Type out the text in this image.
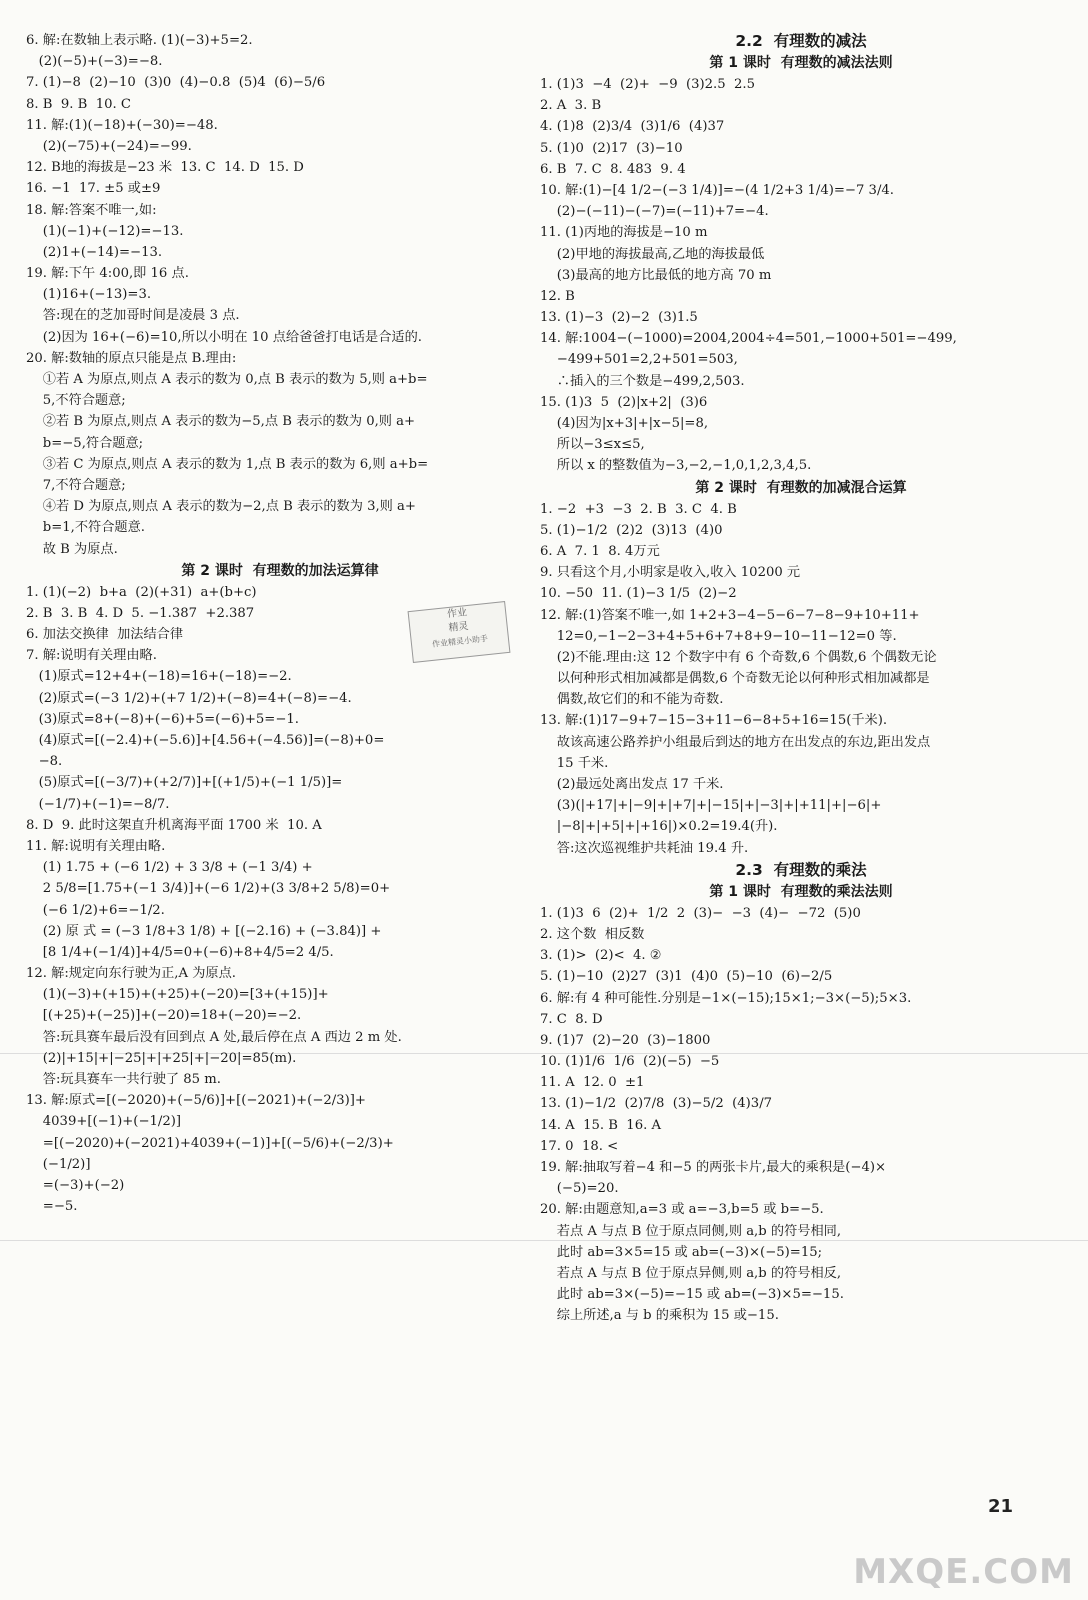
6. 解:在数轴上表示略. (1)(−3)+5=2.
(2)(−5)+(−3)=−8.
7. (1)−8  (2)−10  (3)0  (4)−0.8  (5)4  (6)−5/6
8. B  9. B  10. C
11. 解:(1)(−18)+(−30)=−48.
(2)(−75)+(−24)=−99.
12. B地的海拔是−23 米  13. C  14. D  15. D
16. −1  17. ±5 或±9
18. 解:答案不唯一,如:
(1)(−1)+(−12)=−13.
(2)1+(−14)=−13.
19. 解:下午 4:00,即 16 点.
(1)16+(−13)=3.
答:现在的芝加哥时间是凌晨 3 点.
(2)因为 16+(−6)=10,所以小明在 10 点给爸爸打电话是合适的.
20. 解:数轴的原点只能是点 B.理由:
①若 A 为原点,则点 A 表示的数为 0,点 B 表示的数为 5,则 a+b=
5,不符合题意;
②若 B 为原点,则点 A 表示的数为−5,点 B 表示的数为 0,则 a+
b=−5,符合题意;
③若 C 为原点,则点 A 表示的数为 1,点 B 表示的数为 6,则 a+b=
7,不符合题意;
④若 D 为原点,则点 A 表示的数为−2,点 B 表示的数为 3,则 a+
b=1,不符合题意.
故 B 为原点.
第 2 课时  有理数的加法运算律
1. (1)(−2)  b+a  (2)(+31)  a+(b+c)
2. B  3. B  4. D  5. −1.387  +2.387
6. 加法交换律  加法结合律
7. 解:说明有关理由略.
(1)原式=12+4+(−18)=16+(−18)=−2.
(2)原式=(−3 1/2)+(+7 1/2)+(−8)=4+(−8)=−4.
(3)原式=8+(−8)+(−6)+5=(−6)+5=−1.
(4)原式=[(−2.4)+(−5.6)]+[4.56+(−4.56)]=(−8)+0=
−8.
(5)原式=[(−3/7)+(+2/7)]+[(+1/5)+(−1 1/5)]=
(−1/7)+(−1)=−8/7.
8. D  9. 此时这架直升机离海平面 1700 米  10. A
11. 解:说明有关理由略.
(1) 1.75 + (−6 1/2) + 3 3/8 + (−1 3/4) +
2 5/8=[1.75+(−1 3/4)]+(−6 1/2)+(3 3/8+2 5/8)=0+
(−6 1/2)+6=−1/2.
(2) 原 式 = (−3 1/8+3 1/8) + [(−2.16) + (−3.84)] +
[8 1/4+(−1/4)]+4/5=0+(−6)+8+4/5=2 4/5.
12. 解:规定向东行驶为正,A 为原点.
(1)(−3)+(+15)+(+25)+(−20)=[3+(+15)]+
[(+25)+(−25)]+(−20)=18+(−20)=−2.
答:玩具赛车最后没有回到点 A 处,最后停在点 A 西边 2 m 处.
(2)|+15|+|−25|+|+25|+|−20|=85(m).
答:玩具赛车一共行驶了 85 m.
13. 解:原式=[(−2020)+(−5/6)]+[(−2021)+(−2/3)]+
4039+[(−1)+(−1/2)]
=[(−2020)+(−2021)+4039+(−1)]+[(−5/6)+(−2/3)+
(−1/2)]
=(−3)+(−2)
=−5.
2.2  有理数的减法
第 1 课时  有理数的减法法则
1. (1)3  −4  (2)+  −9  (3)2.5  2.5
2. A  3. B
4. (1)8  (2)3/4  (3)1/6  (4)37
5. (1)0  (2)17  (3)−10
6. B  7. C  8. 483  9. 4
10. 解:(1)−[4 1/2−(−3 1/4)]=−(4 1/2+3 1/4)=−7 3/4.
(2)−(−11)−(−7)=(−11)+7=−4.
11. (1)丙地的海拔是−10 m
(2)甲地的海拔最高,乙地的海拔最低
(3)最高的地方比最低的地方高 70 m
12. B
13. (1)−3  (2)−2  (3)1.5
14. 解:1004−(−1000)=2004,2004÷4=501,−1000+501=−499,
−499+501=2,2+501=503,
∴插入的三个数是−499,2,503.
15. (1)3  5  (2)|x+2|  (3)6
(4)因为|x+3|+|x−5|=8,
所以−3≤x≤5,
所以 x 的整数值为−3,−2,−1,0,1,2,3,4,5.
第 2 课时  有理数的加减混合运算
1. −2  +3  −3  2. B  3. C  4. B
5. (1)−1/2  (2)2  (3)13  (4)0
6. A  7. 1  8. 4万元
9. 只看这个月,小明家是收入,收入 10200 元
10. −50  11. (1)−3 1/5  (2)−2
12. 解:(1)答案不唯一,如 1+2+3−4−5−6−7−8−9+10+11+
12=0,−1−2−3+4+5+6+7+8+9−10−11−12=0 等.
(2)不能.理由:这 12 个数字中有 6 个奇数,6 个偶数,6 个偶数无论
以何种形式相加减都是偶数,6 个奇数无论以何种形式相加减都是
偶数,故它们的和不能为奇数.
13. 解:(1)17−9+7−15−3+11−6−8+5+16=15(千米).
故该高速公路养护小组最后到达的地方在出发点的东边,距出发点
15 千米.
(2)最远处离出发点 17 千米.
(3)(|+17|+|−9|+|+7|+|−15|+|−3|+|+11|+|−6|+
|−8|+|+5|+|+16|)×0.2=19.4(升).
答:这次巡视维护共耗油 19.4 升.
2.3  有理数的乘法
第 1 课时  有理数的乘法法则
1. (1)3  6  (2)+  1/2  2  (3)−  −3  (4)−  −72  (5)0
2. 这个数  相反数
3. (1)>  (2)<  4. ②
5. (1)−10  (2)27  (3)1  (4)0  (5)−10  (6)−2/5
6. 解:有 4 种可能性.分别是−1×(−15);15×1;−3×(−5);5×3.
7. C  8. D
9. (1)7  (2)−20  (3)−1800
10. (1)1/6  1/6  (2)(−5)  −5
11. A  12. 0  ±1
13. (1)−1/2  (2)7/8  (3)−5/2  (4)3/7
14. A  15. B  16. A
17. 0  18. <
19. 解:抽取写着−4 和−5 的两张卡片,最大的乘积是(−4)×
(−5)=20.
20. 解:由题意知,a=3 或 a=−3,b=5 或 b=−5.
若点 A 与点 B 位于原点同侧,则 a,b 的符号相同,
此时 ab=3×5=15 或 ab=(−3)×(−5)=15;
若点 A 与点 B 位于原点异侧,则 a,b 的符号相反,
此时 ab=3×(−5)=−15 或 ab=(−3)×5=−15.
综上所述,a 与 b 的乘积为 15 或−15.
作业
精灵
作业精灵小助手
21
MXQE.COM
